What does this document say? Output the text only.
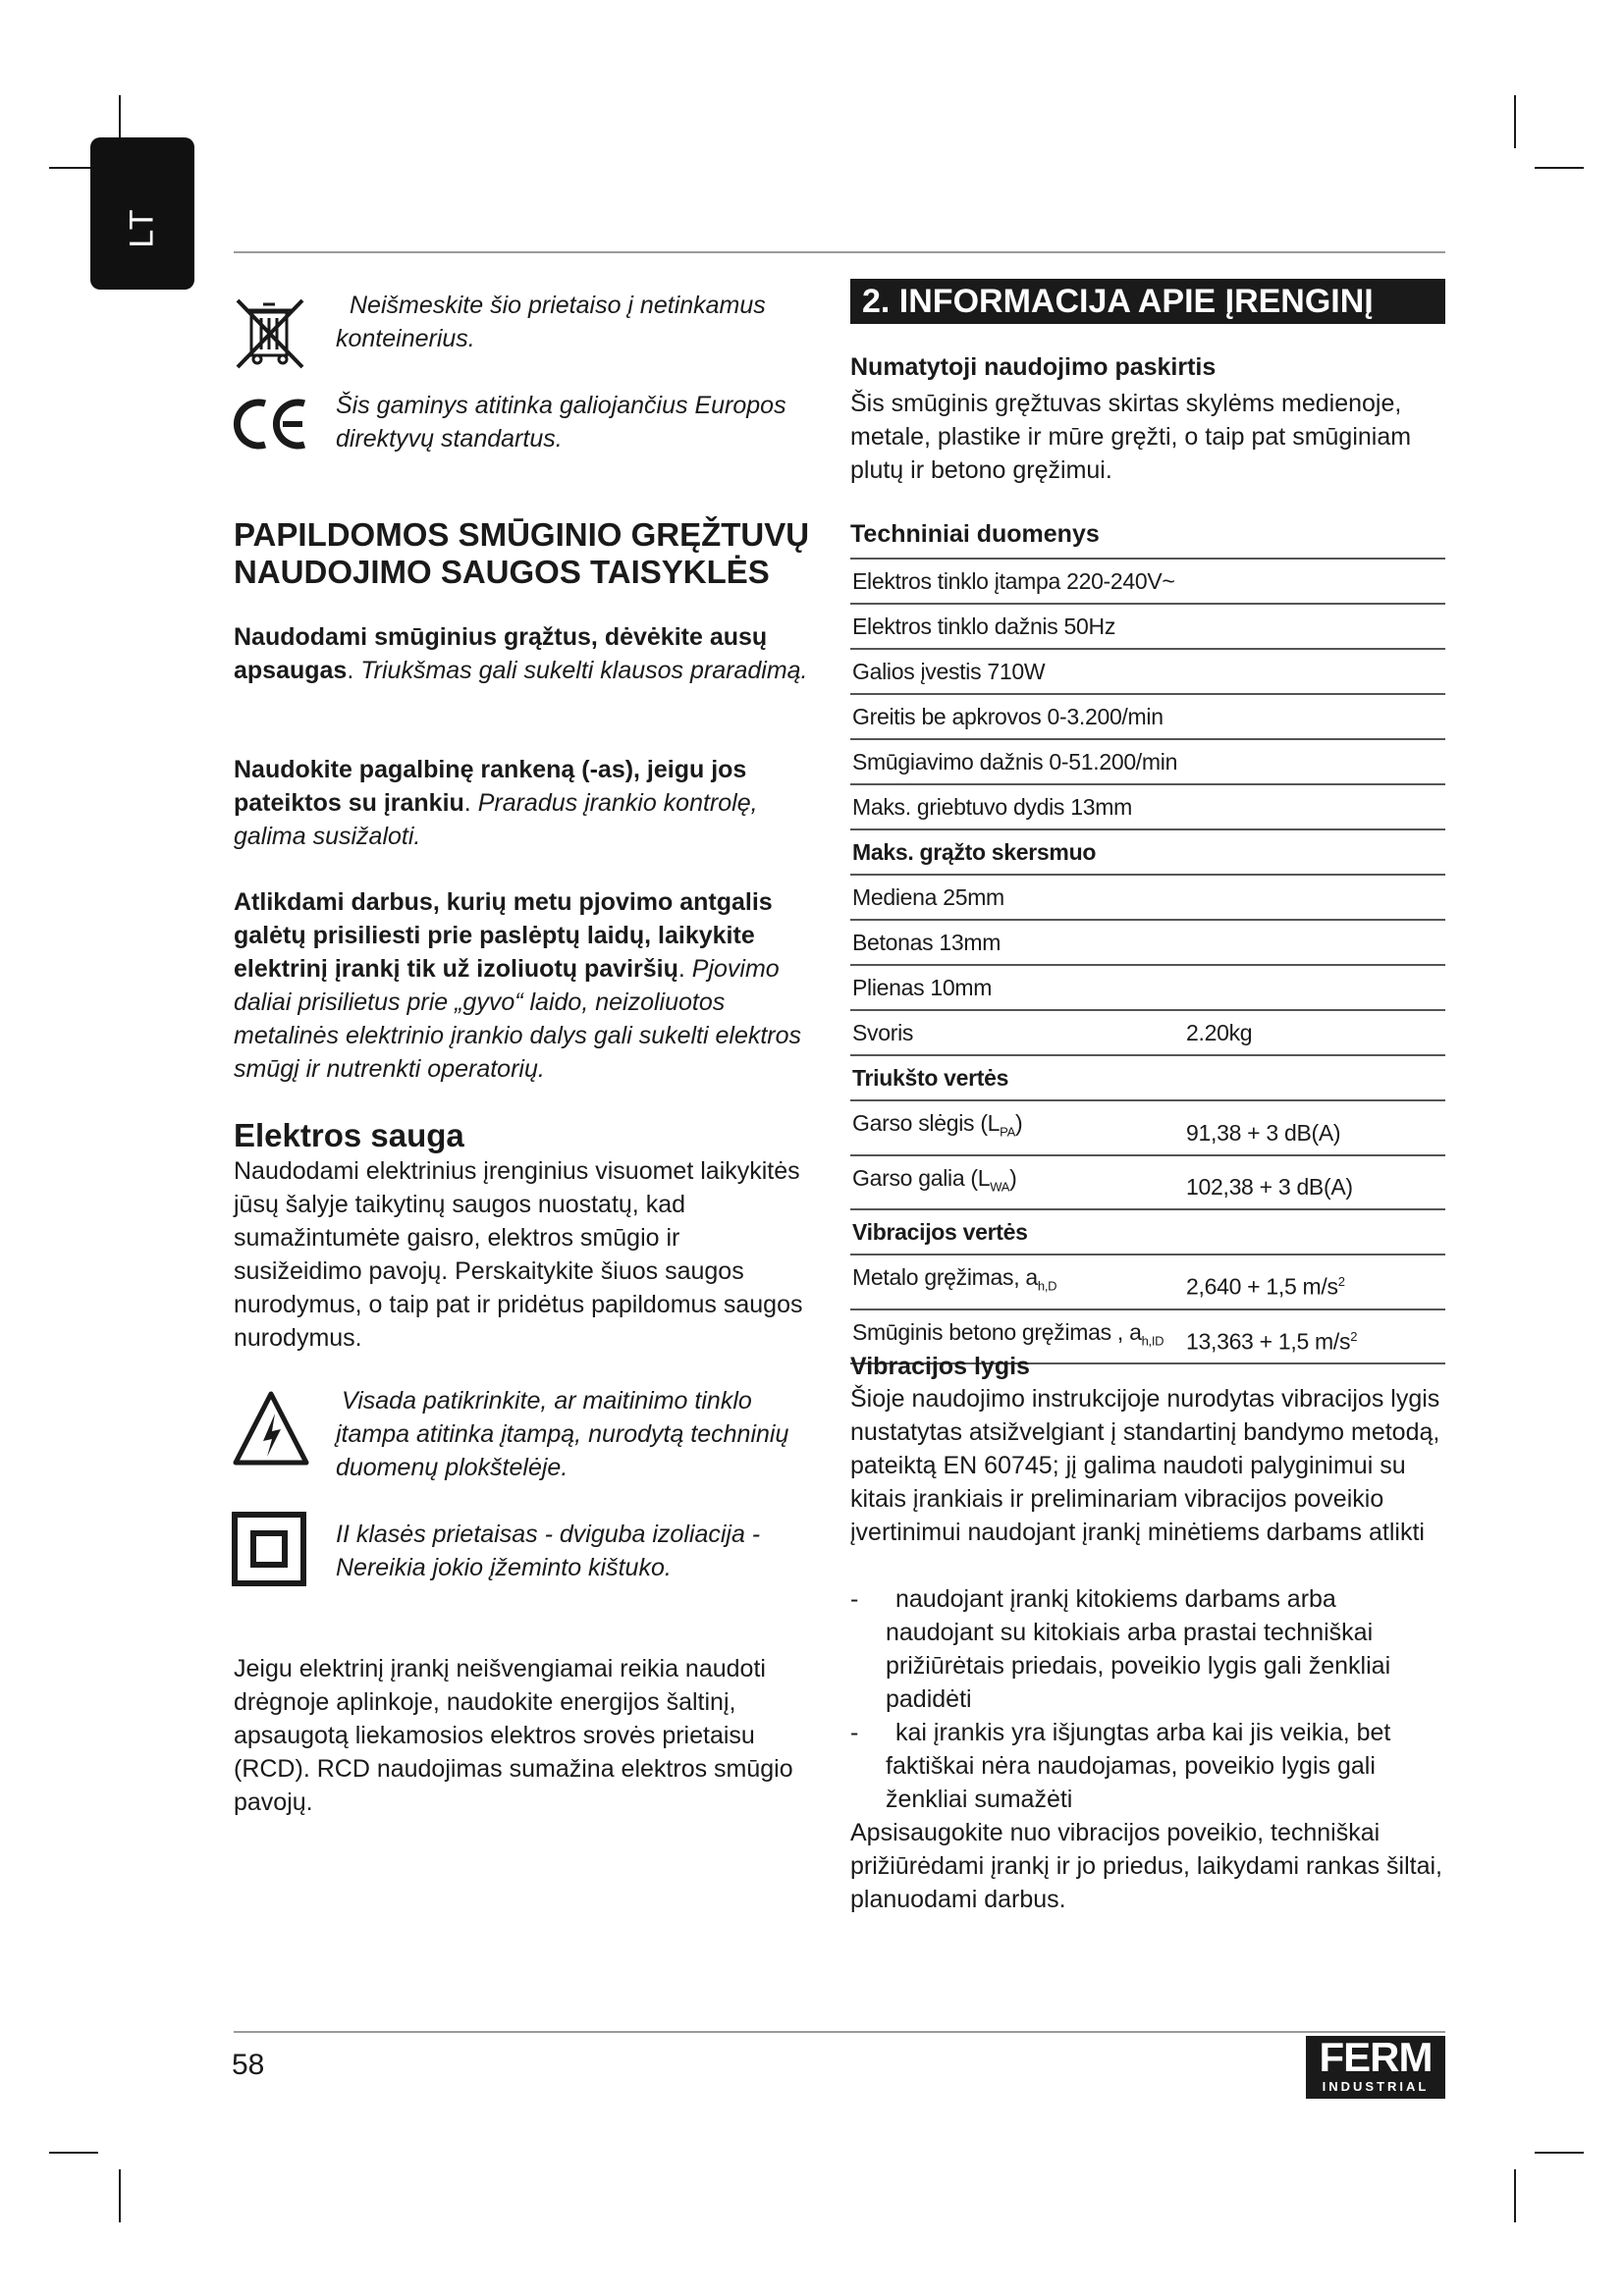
LT
Neišmeskite šio prietaiso į netinkamus konteinerius.
CE	Šis gaminys atitinka galiojančius Europos direktyvų standartus.
PAPILDOMOS SMŪGINIO GRĘŽTUVŲ
NAUDOJIMO SAUGOS TAISYKLĖS
Naudodami smūginius grąžtus, dėvėkite ausų apsaugas. Triukšmas gali sukelti klausos praradimą.
Naudokite pagalbinę rankeną (-as), jeigu jos pateiktos su įrankiu. Praradus įrankio kontrolę, galima susižaloti.
Atlikdami darbus, kurių metu pjovimo antgalis galėtų prisiliesti prie paslėptų laidų, laikykite elektrinį įrankį tik už izoliuotų paviršių. Pjovimo daliai prisilietus prie „gyvo“ laido, neizoliuotos metalinės elektrinio įrankio dalys gali sukelti elektros smūgį ir nutrenkti operatorių.
Elektros sauga
Naudodami elektrinius įrenginius visuomet laikykitės jūsų šalyje taikytinų saugos nuostatų, kad sumažintumėte gaisro, elektros smūgio ir susižeidimo pavojų. Perskaitykite šiuos saugos nurodymus, o taip pat ir pridėtus papildomus saugos nurodymus.
Visada patikrinkite, ar maitinimo tinklo įtampa atitinka įtampą, nurodytą techninių duomenų plokštelėje.
II klasės prietaisas - dviguba izoliacija - Nereikia jokio įžeminto kištuko.
Jeigu elektrinį įrankį neišvengiamai reikia naudoti drėgnoje aplinkoje, naudokite energijos šaltinį, apsaugotą liekamosios elektros srovės prietaisu (RCD). RCD naudojimas sumažina elektros smūgio pavojų.
2. INFORMACIJA APIE ĮRENGINĮ
Numatytoji naudojimo paskirtis
Šis smūginis gręžtuvas skirtas skylėms medienoje, metale, plastike ir mūre gręžti, o taip pat smūginiam plutų ir betono gręžimui.
Techniniai duomenys
Elektros tinklo įtampa 220-240V~	
Elektros tinklo dažnis 50Hz	
Galios įvestis 710W	
Greitis be apkrovos 0-3.200/min	
Smūgiavimo dažnis 0-51.200/min	
Maks. griebtuvo dydis 13mm	
Maks. grąžto skersmuo	
Mediena 25mm	
Betonas 13mm	
Plienas 10mm	
Svoris	2.20kg
Triukšto vertės	
Garso slėgis $(L_{PA})$	91,38 + 3 dB(A)
Garso galia $(L_{WA})$	102,38 + 3 dB(A)
Vibracijos vertės	
Metalo gręžimas, $a_{h,D}$	2,640 + 1,5 $m/s^2$
Smūginis betono gręžimas , $a_{h,ID}$	13,363 + 1,5 $m/s^2$
Vibracijos lygis
Šioje naudojimo instrukcijoje nurodytas vibracijos lygis nustatytas atsižvelgiant į standartinį bandymo metodą, pateiktą EN 60745; jį galima naudoti palyginimui su kitais įrankiais ir preliminariam vibracijos poveikio įvertinimui naudojant įrankį minėtiems darbams atlikti
-	naudojant įrankį kitokiems darbams arba naudojant su kitokiais arba prastai techniškai prižiūrėtais priedais, poveikio lygis gali ženkliai padidėti
-	kai įrankis yra išjungtas arba kai jis veikia, bet faktiškai nėra naudojamas, poveikio lygis gali ženkliai sumažėti
Apsisaugokite nuo vibracijos poveikio, techniškai prižiūrėdami įrankį ir jo priedus, laikydami rankas šiltai, planuodami darbus.
58	FERM
INDUSTRIAL
